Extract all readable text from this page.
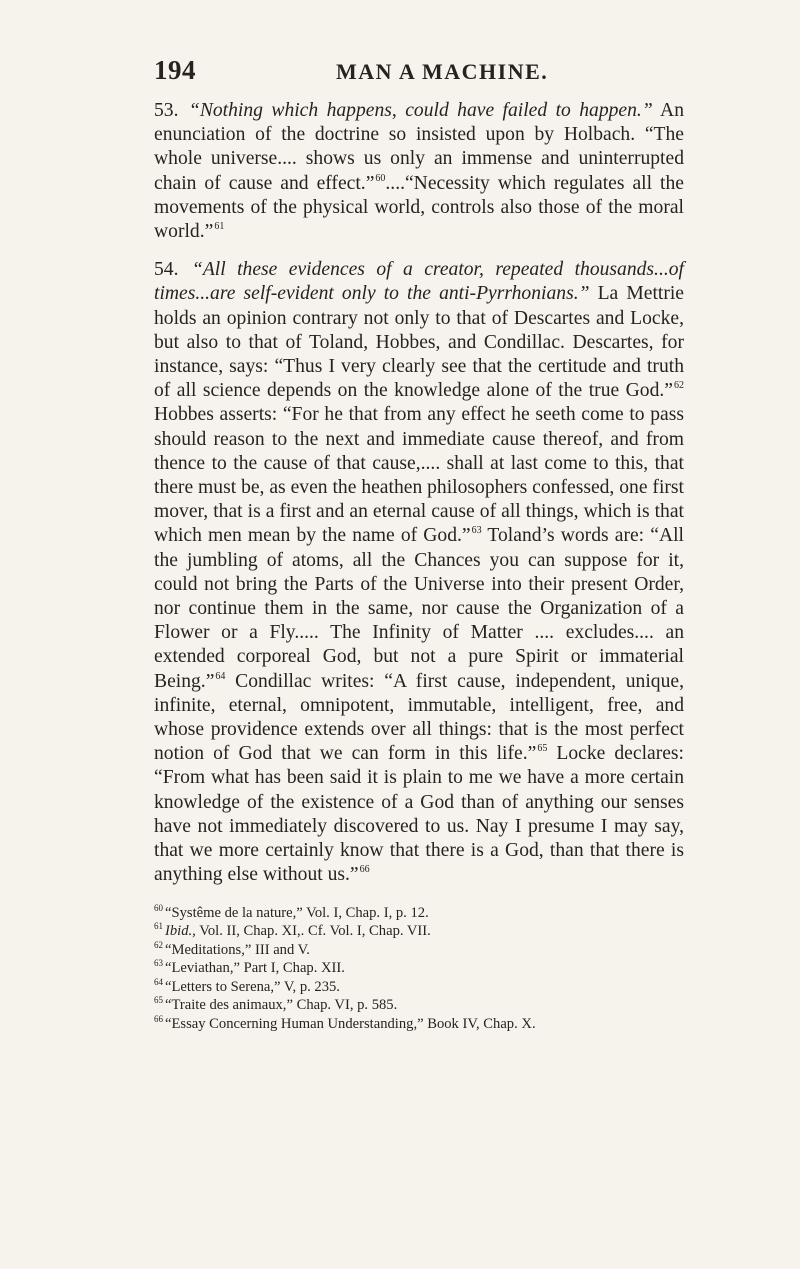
194	MAN A MACHINE.

53. “Nothing which happens, could have failed to happen.” An enunciation of the doctrine so insisted upon by Holbach. “The whole universe.... shows us only an immense and uninterrupted chain of cause and effect.”$^{60}$....“Necessity which regulates all the movements of the physical world, controls also those of the moral world.”$^{61}$

54. “All these evidences of a creator, repeated thousands...of times...are self-evident only to the anti-Pyrrhonians.” La Mettrie holds an opinion contrary not only to that of Descartes and Locke, but also to that of Toland, Hobbes, and Condillac. Descartes, for instance, says: “Thus I very clearly see that the certitude and truth of all science depends on the knowledge alone of the true God.”$^{62}$ Hobbes asserts: “For he that from any effect he seeth come to pass should reason to the next and immediate cause thereof, and from thence to the cause of that cause,.... shall at last come to this, that there must be, as even the heathen philosophers confessed, one first mover, that is a first and an eternal cause of all things, which is that which men mean by the name of God.”$^{63}$ Toland’s words are: “All the jumbling of atoms, all the Chances you can suppose for it, could not bring the Parts of the Universe into their present Order, nor continue them in the same, nor cause the Organization of a Flower or a Fly..... The Infinity of Matter .... excludes.... an extended corporeal God, but not a pure Spirit or immaterial Being.”$^{64}$ Condillac writes: “A first cause, independent, unique, infinite, eternal, omnipotent, immutable, intelligent, free, and whose providence extends over all things: that is the most perfect notion of God that we can form in this life.”$^{65}$ Locke declares: “From what has been said it is plain to me we have a more certain knowledge of the existence of a God than of anything our senses have not immediately discovered to us. Nay I presume I may say, that we more certainly know that there is a God, than that there is anything else without us.”$^{66}$

$^{60}$ “Systême de la nature,” Vol. I, Chap. I, p. 12.

$^{61}$ Ibid., Vol. II, Chap. XI,. Cf. Vol. I, Chap. VII.

$^{62}$ “Meditations,” III and V.

$^{63}$ “Leviathan,” Part I, Chap. XII.

$^{64}$ “Letters to Serena,” V, p. 235.

$^{65}$ “Traite des animaux,” Chap. VI, p. 585.

$^{66}$ “Essay Concerning Human Understanding,” Book IV, Chap. X.
